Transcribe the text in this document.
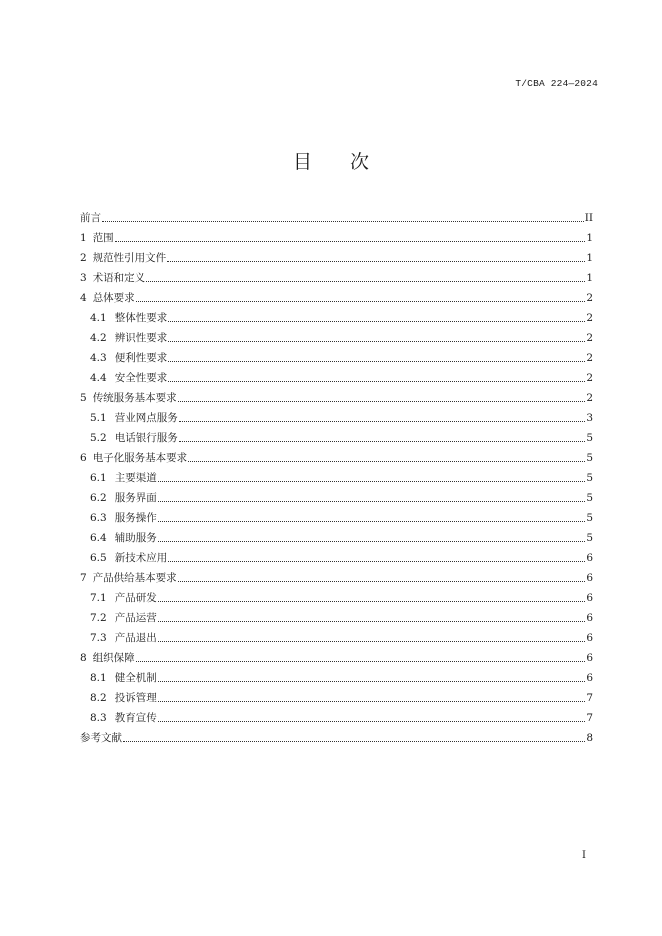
T/CBA 224—2024
目次
前言	II
1 范围	1
2 规范性引用文件	1
3 术语和定义	1
4 总体要求	2
4.1 整体性要求	2
4.2 辨识性要求	2
4.3 便利性要求	2
4.4 安全性要求	2
5 传统服务基本要求	2
5.1 营业网点服务	3
5.2 电话银行服务	5
6 电子化服务基本要求	5
6.1 主要渠道	5
6.2 服务界面	5
6.3 服务操作	5
6.4 辅助服务	5
6.5 新技术应用	6
7 产品供给基本要求	6
7.1 产品研发	6
7.2 产品运营	6
7.3 产品退出	6
8 组织保障	6
8.1 健全机制	6
8.2 投诉管理	7
8.3 教育宣传	7
参考文献	8
I
